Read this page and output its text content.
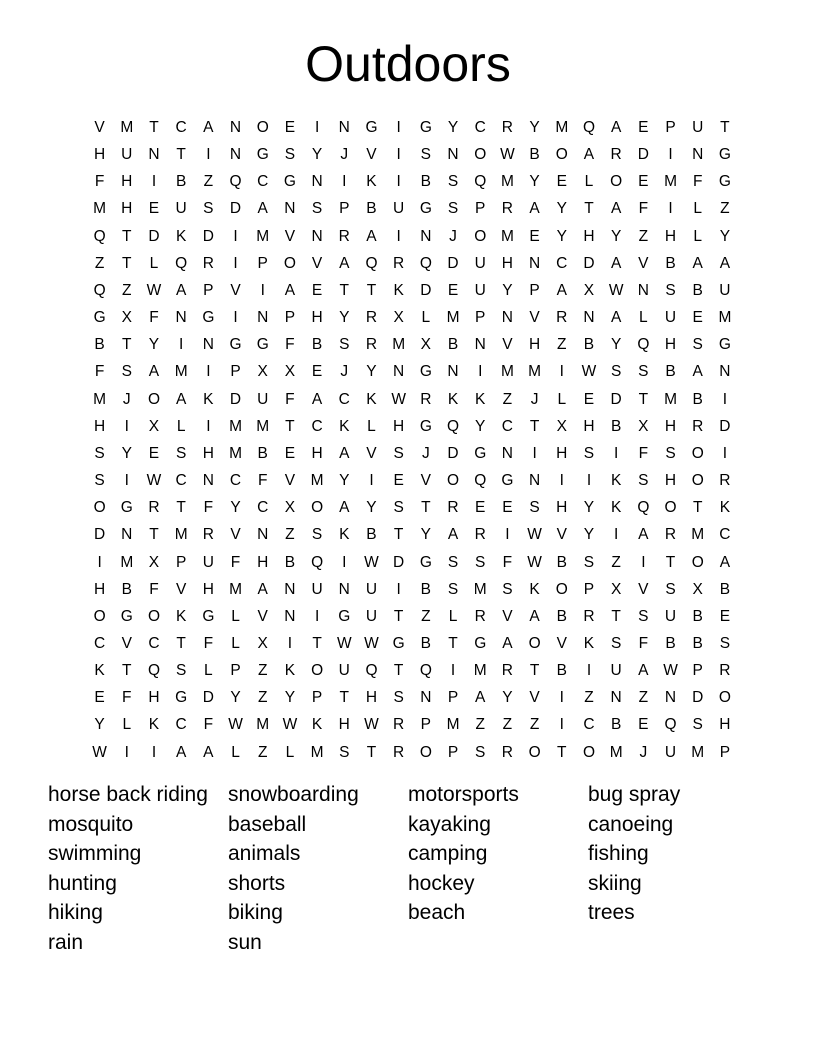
Outdoors
V	M	T	C	A	N	O	E	I	N	G	I	G	Y	C	R	Y	M Q	A	E	P	U	T
H	U	N	T	I	N	G	S	Y	J	V	I	S	N	O W B	O	A	R	D	I	N	G
F	H	I	B	Z	Q	C	G	N	I	K	I	B	S	Q M	Y	E	L	O	E	M	F	G
M H	E	U	S	D	A	N	S	P	B	U	G	S	P	R	A	Y	T	A	F	I	L	Z
Q	T	D	K	D	I	M	V	N	R	A	I	N	J	O M	E	Y	H	Y	Z	H	L	Y
Z	T	L	Q	R	I	P	O	V	A	Q	R	Q	D	U	H	N	C	D	A	V	B	A	A
Q	Z W A	P	V	I	A	E	T	T	K	D	E	U	Y	P	A	X W N	S	B	U
G	X	F	N	G	I	N	P	H	Y	R	X	L	M	P	N	V	R	N	A	L	U	E	M
B	T	Y	I	N	G G	F	B	S	R M	X	B	N	V	H	Z	B	Y	Q	H	S	G
F	S	A	M	I	P	X	X	E	J	Y	N	G	N	I	M M	I	W S	S	B	A	N
M	J	O	A	K	D	U	F	A	C	K W R	K	K	Z	J	L	E	D	T	M	B	I
H	I	X	L	I	M M	T	C	K	L	H	G Q	Y	C	T	X	H	B	X	H	R	D
S	Y	E	S	H M	B	E	H	A	V	S	J	D	G	N	I	H	S	I	F	S	O	I
S	I	W C	N	C	F	V	M	Y	I	E	V	O Q G	N	I	I	K	S	H	O	R
O G	R	T	F	Y	C	X	O	A	Y	S	T	R	E	E	S	H	Y	K	Q O	T	K
D	N	T	M R	V	N	Z	S	K	B	T	Y	A	R	I	W V	Y	I	A	R M C
I	M	X	P	U	F	H	B	Q	I	W D	G	S	S	F W B	S	Z	I	T	O	A
H	B	F	V	H M	A	N	U	N	U	I	B	S	M	S	K	O	P	X	V	S	X	B
O G O	K	G	L	V	N	I	G	U	T	Z	L	R	V	A	B	R	T	S	U	B	E
C	V	C	T	F	L	X	I	T W W G	B	T	G	A	O	V	K	S	F	B	B	S
K	T	Q	S	L	P	Z	K	O	U	Q	T	Q	I	M R	T	B	I	U	A W P	R
E	F	H	G	D	Y	Z	Y	P	T	H	S	N	P	A	Y	V	I	Z	N	Z	N	D	O
Y	L	K	C	F W M W K	H W R	P	M	Z	Z	Z	I	C	B	E	Q	S	H
W	I	I	A	A	L	Z	L	M	S	T	R	O	P	S	R	O	T	O M	J	U M	P
horse back riding
mosquito
swimming
hunting
hiking
rain
snowboarding
baseball
animals
shorts
biking
sun
motorsports
kayaking
camping
hockey
beach
bug spray
canoeing
fishing
skiing
trees
